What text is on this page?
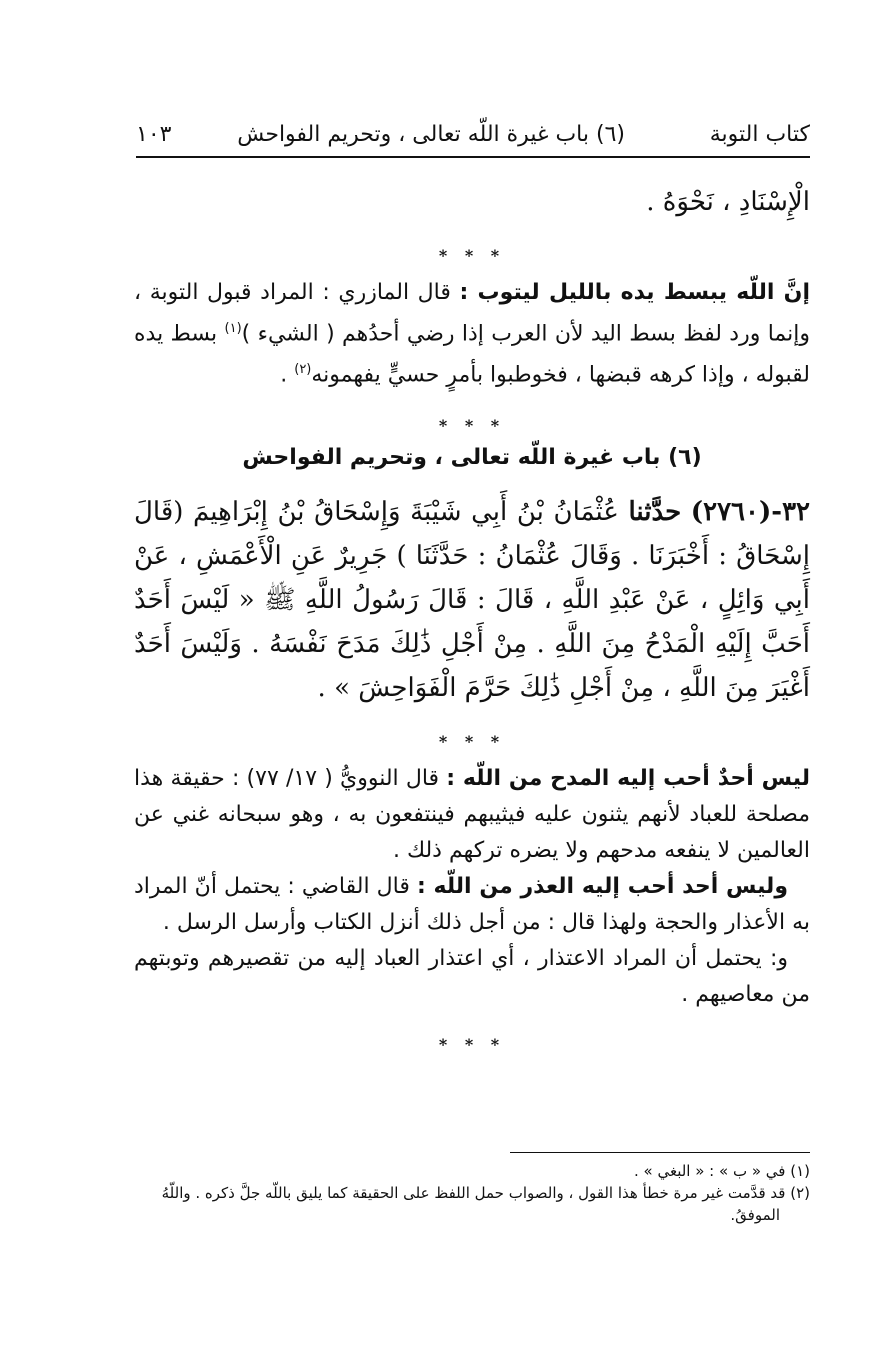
كتاب التوبة
(٦) باب غيرة اللّه تعالى ، وتحريم الفواحش
١٠٣

الْإِسْنَادِ ، نَحْوَهُ .

* * *

إنَّ اللّه يبسط يده بالليل ليتوب : قال المازري : المراد قبول التوبة ، وإنما ورد لفظ بسط اليد لأن العرب إذا رضي أحدُهم ( الشيء )$^{(١)}$ بسط يده لقبوله ، وإذا كرهه قبضها ، فخوطبوا بأمرٍ حسيٍّ يفهمونه$^{(٢)}$ .

* * *
(٦) باب غيرة اللّه تعالى ، وتحريم الفواحش

٣٢-(٢٧٦٠) حدَّثنا عُثْمَانُ بْنُ أَبِي شَيْبَةَ وَإِسْحَاقُ بْنُ إِبْرَاهِيمَ (قَالَ إِسْحَاقُ : أَخْبَرَنَا . وَقَالَ عُثْمَانُ : حَدَّثَنَا ) جَرِيرٌ عَنِ الْأَعْمَشِ ، عَنْ أَبِي وَائِلٍ ، عَنْ عَبْدِ اللَّهِ ، قَالَ : قَالَ رَسُولُ اللَّهِ ﷺ « لَيْسَ أَحَدٌ أَحَبَّ إِلَيْهِ الْمَدْحُ مِنَ اللَّهِ . مِنْ أَجْلِ ذَٰلِكَ مَدَحَ نَفْسَهُ . وَلَيْسَ أَحَدٌ أَغْيَرَ مِنَ اللَّهِ ، مِنْ أَجْلِ ذَٰلِكَ حَرَّمَ الْفَوَاحِشَ » .

* * *

ليس أحدٌ أحب إليه المدح من اللّه : قال النوويُّ ( ١٧/ ٧٧) : حقيقة هذا مصلحة للعباد لأنهم يثنون عليه فيثيبهم فينتفعون به ، وهو سبحانه غني عن العالمين لا ينفعه مدحهم ولا يضره تركهم ذلك .

وليس أحد أحب إليه العذر من اللّه : قال القاضي : يحتمل أنّ المراد به الأعذار والحجة ولهذا قال : من أجل ذلك أنزل الكتاب وأرسل الرسل .

و: يحتمل أن المراد الاعتذار ، أي اعتذار العباد إليه من تقصيرهم وتوبتهم من معاصيهم .

* * *

(١) في « ب » : « البغي » .

(٢) قد قدَّمت غير مرة خطأ هذا القول ، والصواب حمل اللفظ على الحقيقة كما يليق باللّه جلَّ ذكره . واللّهُ الموفقُ.
